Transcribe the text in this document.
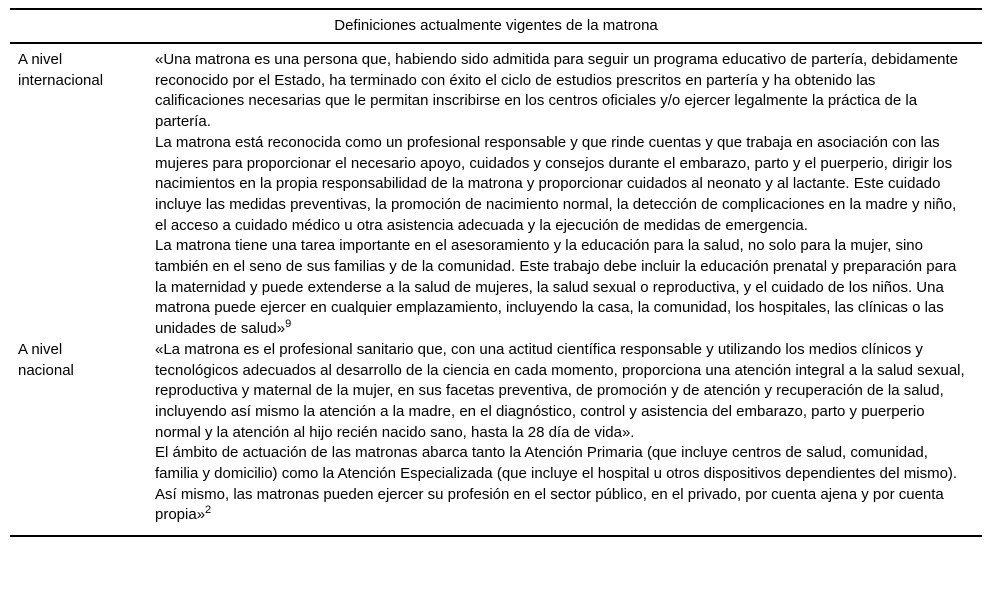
Definiciones actualmente vigentes de la matrona
A nivel internacional

«Una matrona es una persona que, habiendo sido admitida para seguir un programa educativo de partería, debidamente reconocido por el Estado, ha terminado con éxito el ciclo de estudios prescritos en partería y ha obtenido las calificaciones necesarias que le permitan inscribirse en los centros oficiales y/o ejercer legalmente la práctica de la partería.

La matrona está reconocida como un profesional responsable y que rinde cuentas y que trabaja en asociación con las mujeres para proporcionar el necesario apoyo, cuidados y consejos durante el embarazo, parto y el puerperio, dirigir los nacimientos en la propia responsabilidad de la matrona y proporcionar cuidados al neonato y al lactante. Este cuidado incluye las medidas preventivas, la promoción de nacimiento normal, la detección de complicaciones en la madre y niño, el acceso a cuidado médico u otra asistencia adecuada y la ejecución de medidas de emergencia.

La matrona tiene una tarea importante en el asesoramiento y la educación para la salud, no solo para la mujer, sino también en el seno de sus familias y de la comunidad. Este trabajo debe incluir la educación prenatal y preparación para la maternidad y puede extenderse a la salud de mujeres, la salud sexual o reproductiva, y el cuidado de los niños. Una matrona puede ejercer en cualquier emplazamiento, incluyendo la casa, la comunidad, los hospitales, las clínicas o las unidades de salud»$^9$

A nivel nacional

«La matrona es el profesional sanitario que, con una actitud científica responsable y utilizando los medios clínicos y tecnológicos adecuados al desarrollo de la ciencia en cada momento, proporciona una atención integral a la salud sexual, reproductiva y maternal de la mujer, en sus facetas preventiva, de promoción y de atención y recuperación de la salud, incluyendo así mismo la atención a la madre, en el diagnóstico, control y asistencia del embarazo, parto y puerperio normal y la atención al hijo recién nacido sano, hasta la 28 día de vida».

El ámbito de actuación de las matronas abarca tanto la Atención Primaria (que incluye centros de salud, comunidad, familia y domicilio) como la Atención Especializada (que incluye el hospital u otros dispositivos dependientes del mismo). Así mismo, las matronas pueden ejercer su profesión en el sector público, en el privado, por cuenta ajena y por cuenta propia»$^2$
